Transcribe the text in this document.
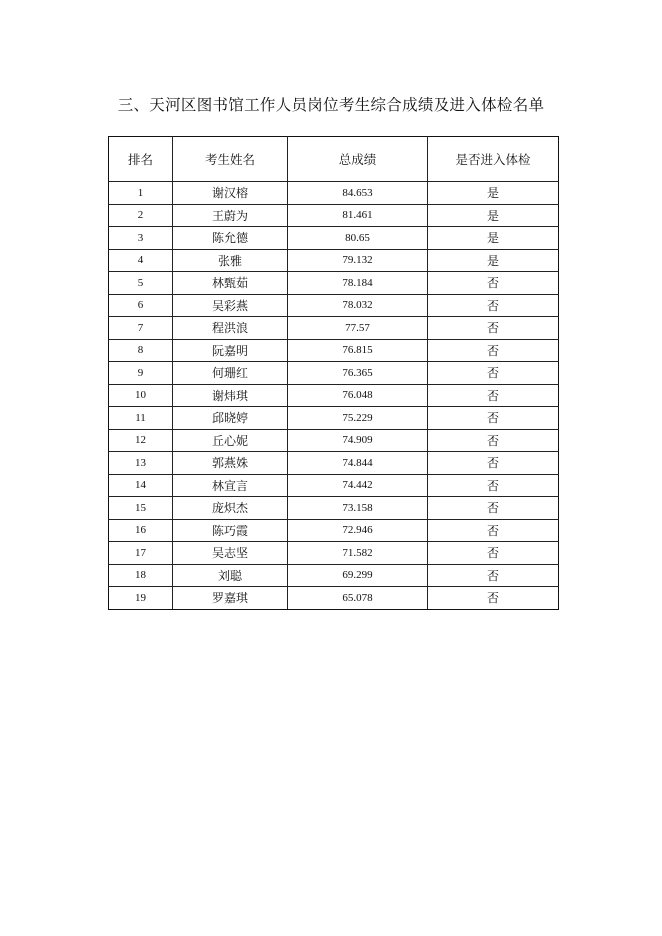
三、天河区图书馆工作人员岗位考生综合成绩及进入体检名单
排名	考生姓名	总成绩	是否进入体检
1	谢汉榕	84.653	是
2	王蔚为	81.461	是
3	陈允德	80.65	是
4	张雅	79.132	是
5	林甄茹	78.184	否
6	吴彩燕	78.032	否
7	程洪浪	77.57	否
8	阮嘉明	76.815	否
9	何珊红	76.365	否
10	谢炜琪	76.048	否
11	邱晓婷	75.229	否
12	丘心妮	74.909	否
13	郭燕姝	74.844	否
14	林宣言	74.442	否
15	庞炽杰	73.158	否
16	陈巧霞	72.946	否
17	吴志坚	71.582	否
18	刘聪	69.299	否
19	罗嘉琪	65.078	否
